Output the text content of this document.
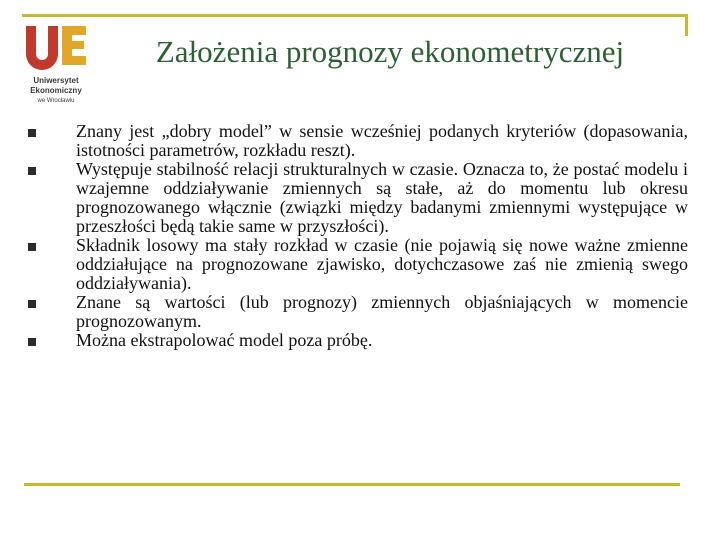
Uniwersytet
Ekonomiczny
we Wrocławiu
Założenia prognozy ekonometrycznej
Znany jest „dobry model” w sensie wcześniej podanych kryteriów (dopasowania, istotności parametrów, rozkładu reszt).
Występuje stabilność relacji strukturalnych w czasie. Oznacza to, że postać modelu i wzajemne oddziaływanie zmiennych są stałe, aż do momentu lub okresu prognozowanego włącznie (związki między badanymi zmiennymi występujące w przeszłości będą takie same w przyszłości).
Składnik losowy ma stały rozkład w czasie (nie pojawią się nowe ważne zmienne oddziałujące na prognozowane zjawisko, dotychczasowe zaś nie zmienią swego oddziaływania).
Znane są wartości (lub prognozy) zmiennych objaśniających w momencie prognozowanym.
Można ekstrapolować model poza próbę.
